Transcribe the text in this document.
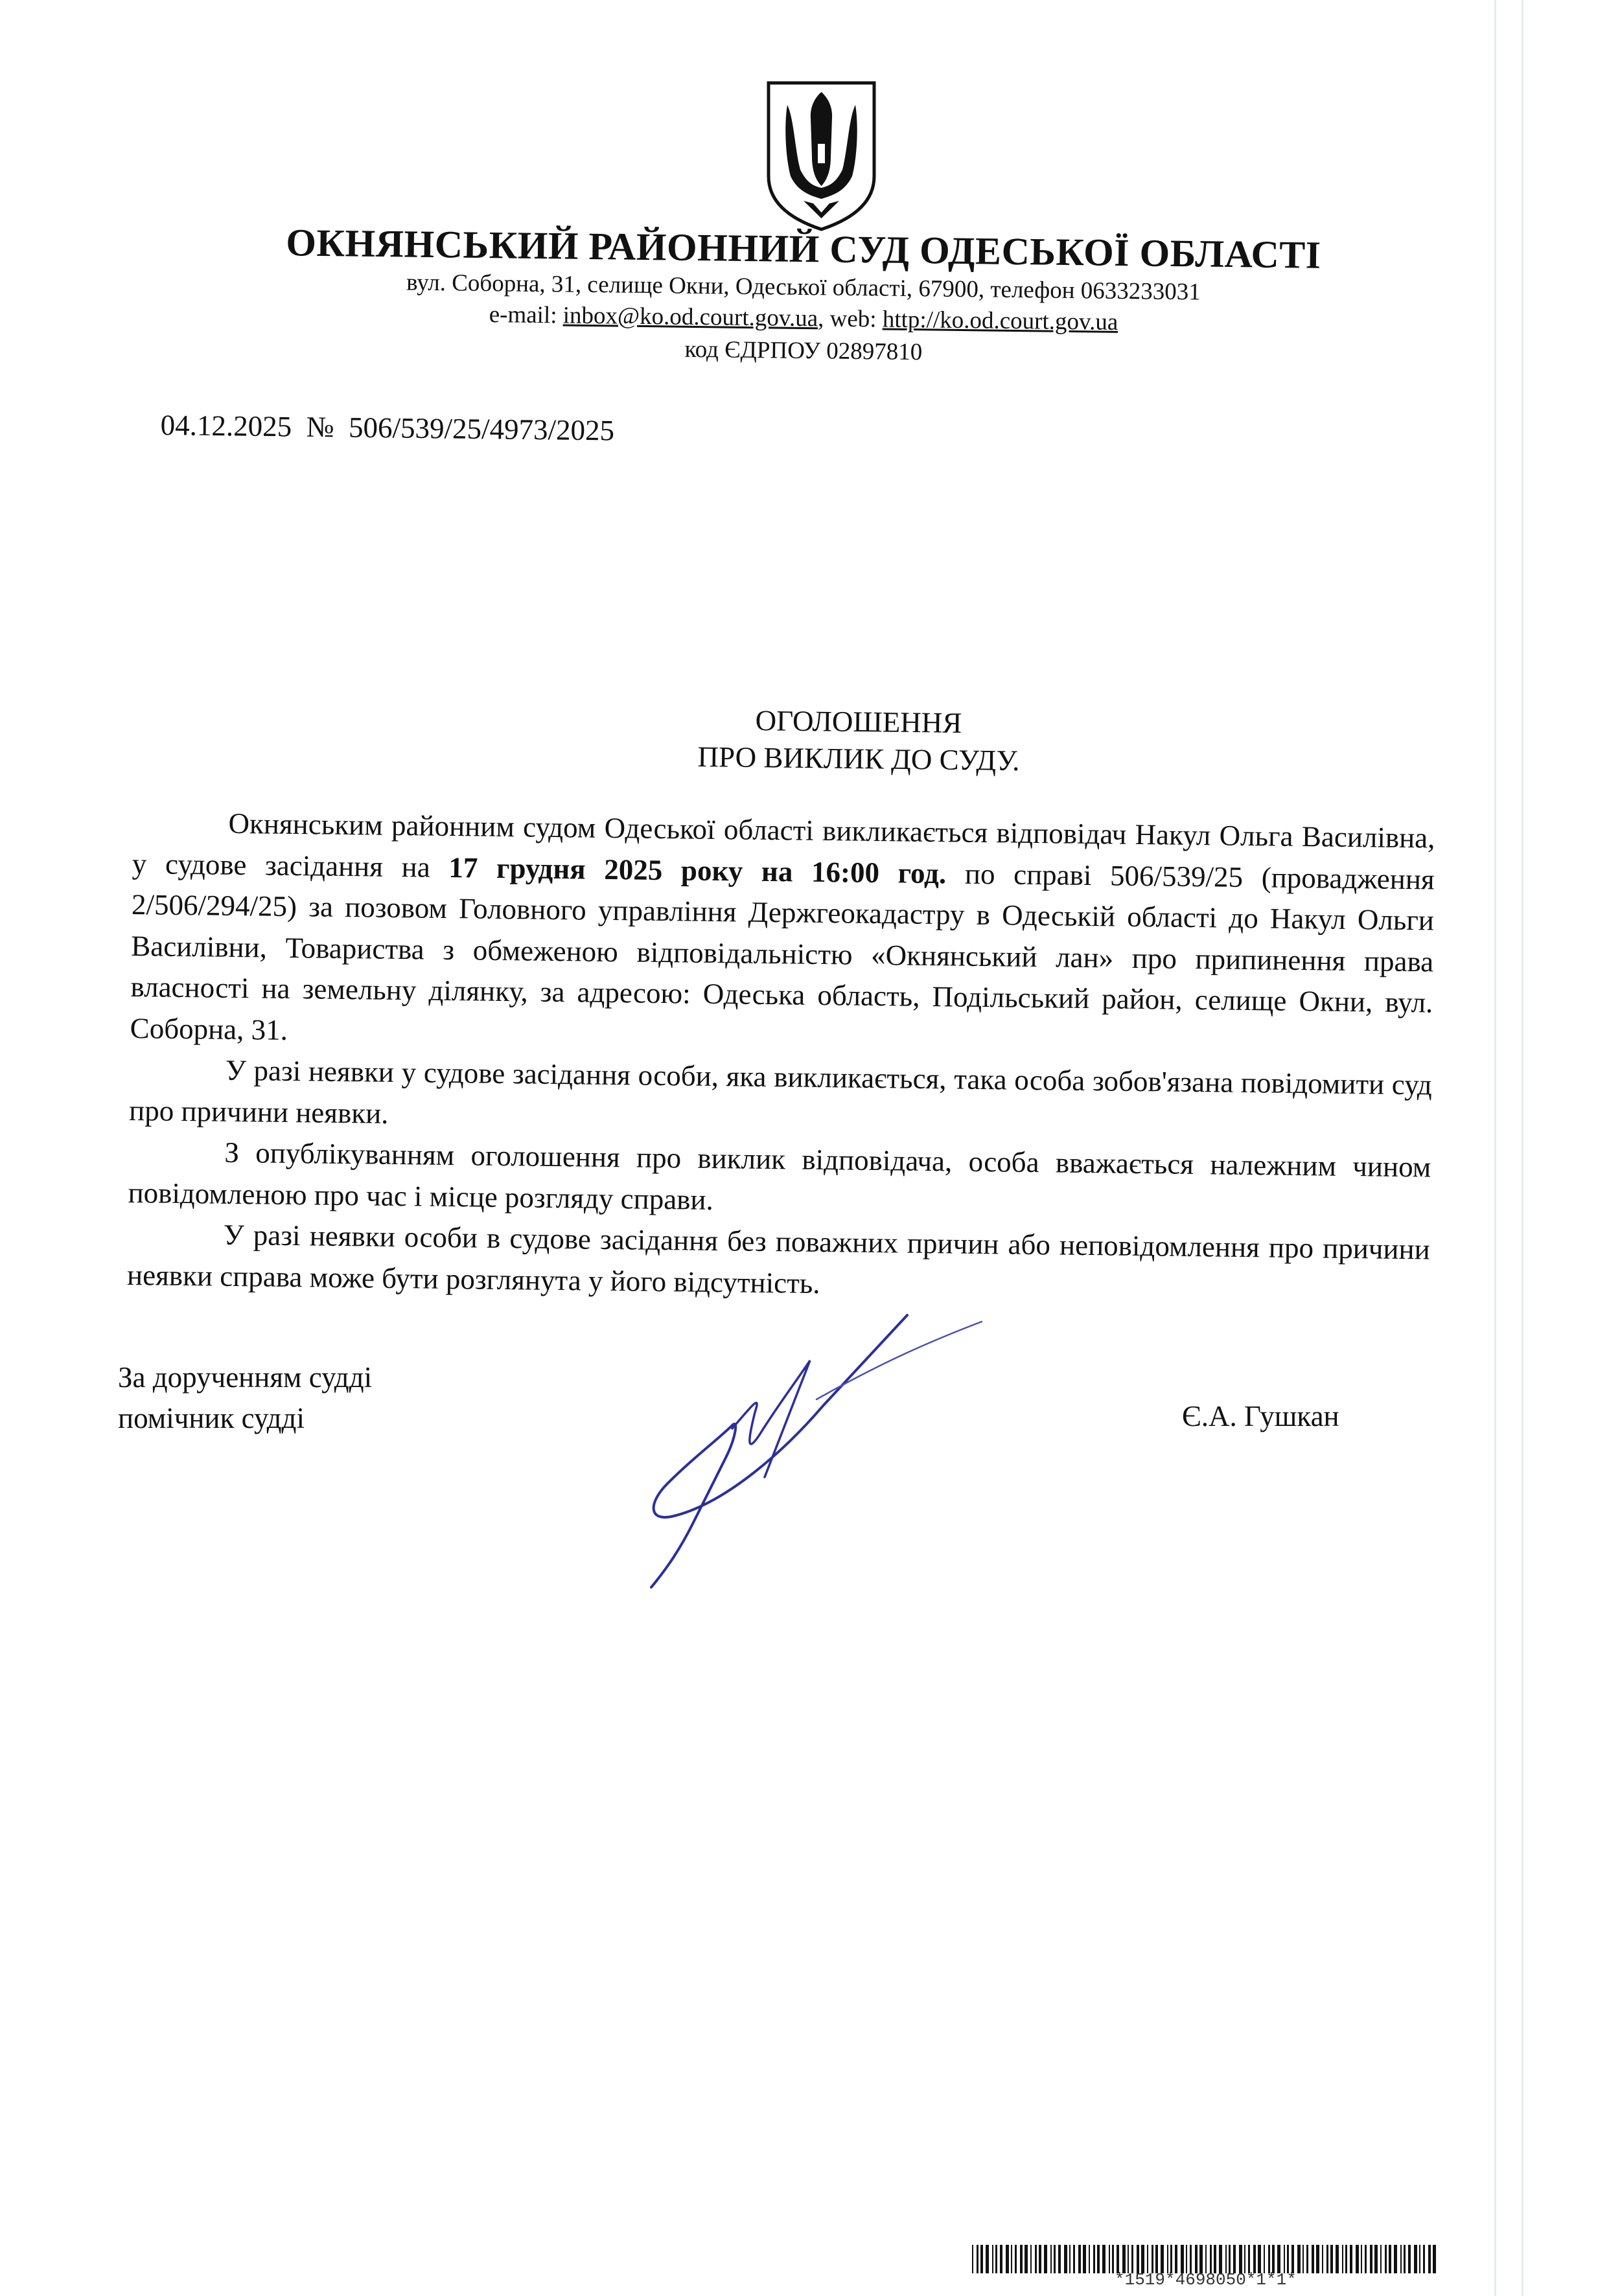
ОКНЯНСЬКИЙ РАЙОННИЙ СУД ОДЕСЬКОЇ ОБЛАСТІ
вул. Соборна, 31, селище Окни, Одеської області, 67900, телефон 0633233031
e-mail: inbox@ko.od.court.gov.ua, web: http://ko.od.court.gov.ua
код ЄДРПОУ 02897810
04.12.2025 № 506/539/25/4973/2025
ОГОЛОШЕННЯ
ПРО ВИКЛИК ДО СУДУ.

Окнянським районним судом Одеської області викликається відповідач Накул Ольга Василівна, у судове засідання на 17 грудня 2025 року на 16:00 год. по справі 506/539/25 (провадження 2/506/294/25) за позовом Головного управління Держгеокадастру в Одеській області до Накул Ольги Василівни, Товариства з обмеженою відповідальністю «Окнянський лан» про припинення права власності на земельну ділянку, за адресою: Одеська область, Подільський район, селище Окни, вул. Соборна, 31.

У разі неявки у судове засідання особи, яка викликається, така особа зобов'язана повідомити суд про причини неявки.

З опублікуванням оголошення про виклик відповідача, особа вважається належним чином повідомленою про час і місце розгляду справи.

У разі неявки особи в судове засідання без поважних причин або неповідомлення про причини неявки справа може бути розглянута у його відсутність.

За дорученням судді
помічник судді	Є.А. Гушкан
*1519*4698050*1*1*
